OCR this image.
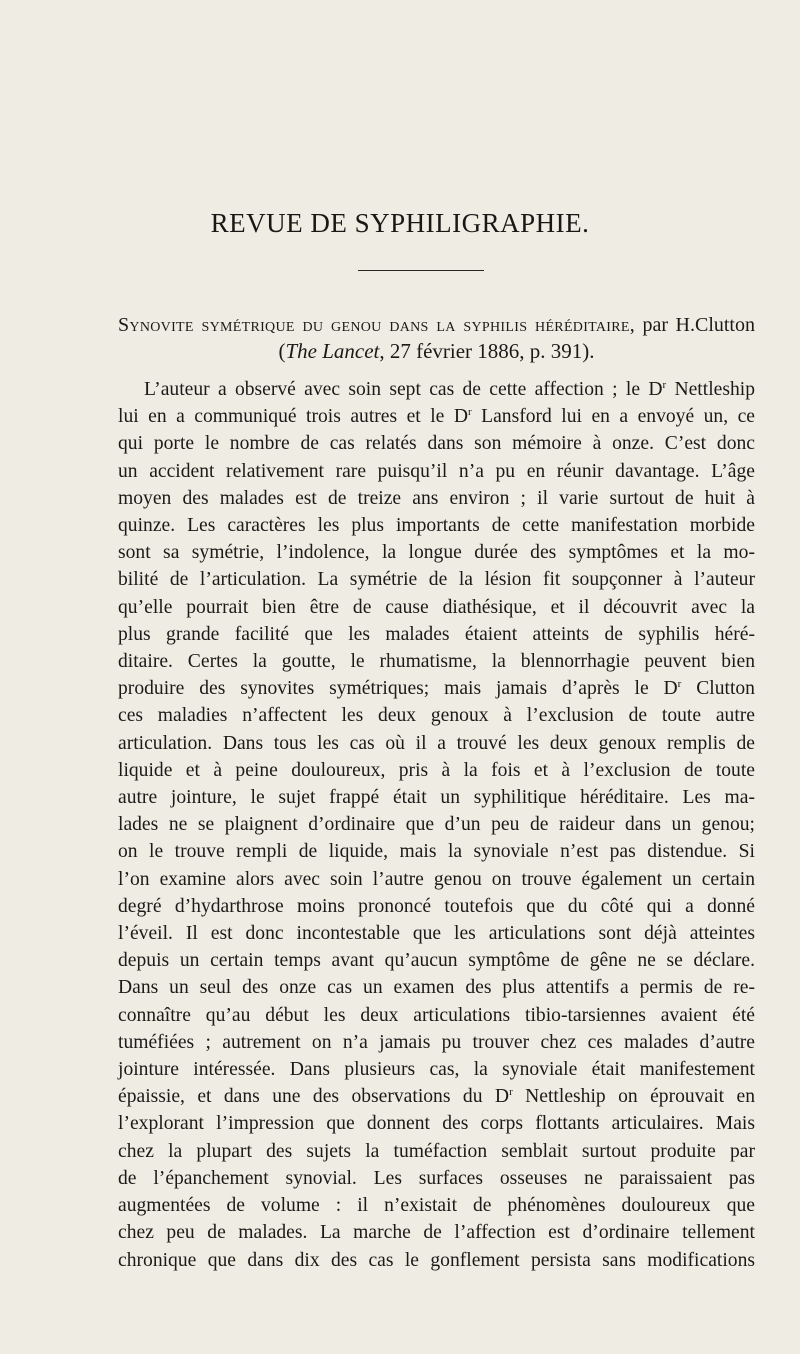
REVUE DE SYPHILIGRAPHIE.
Synovite symétrique du genou dans la syphilis héréditaire, par H.Clutton
(The Lancet, 27 février 1886, p. 391).

L’auteur a observé avec soin sept cas de cette affection ; le $D^r$ Nettleship
lui en a communiqué trois autres et le $D^r$ Lansford lui en a envoyé un, ce
qui porte le nombre de cas relatés dans son mémoire à onze. C’est donc
un accident relativement rare puisqu’il n’a pu en réunir davantage. L’âge
moyen des malades est de treize ans environ ; il varie surtout de huit à
quinze. Les caractères les plus importants de cette manifestation morbide
sont sa symétrie, l’indolence, la longue durée des symptômes et la mo-
bilité de l’articulation. La symétrie de la lésion fit soupçonner à l’auteur
qu’elle pourrait bien être de cause diathésique, et il découvrit avec la
plus grande facilité que les malades étaient atteints de syphilis héré-
ditaire. Certes la goutte, le rhumatisme, la blennorrhagie peuvent bien
produire des synovites symétriques; mais jamais d’après le $D^r$ Clutton
ces maladies n’affectent les deux genoux à l’exclusion de toute autre
articulation. Dans tous les cas où il a trouvé les deux genoux remplis de
liquide et à peine douloureux, pris à la fois et à l’exclusion de toute
autre jointure, le sujet frappé était un syphilitique héréditaire. Les ma-
lades ne se plaignent d’ordinaire que d’un peu de raideur dans un genou;
on le trouve rempli de liquide, mais la synoviale n’est pas distendue. Si
l’on examine alors avec soin l’autre genou on trouve également un certain
degré d’hydarthrose moins prononcé toutefois que du côté qui a donné
l’éveil. Il est donc incontestable que les articulations sont déjà atteintes
depuis un certain temps avant qu’aucun symptôme de gêne ne se déclare.
Dans un seul des onze cas un examen des plus attentifs a permis de re-
connaître qu’au début les deux articulations tibio-tarsiennes avaient été
tuméfiées ; autrement on n’a jamais pu trouver chez ces malades d’autre
jointure intéressée. Dans plusieurs cas, la synoviale était manifestement
épaissie, et dans une des observations du $D^r$ Nettleship on éprouvait en
l’explorant l’impression que donnent des corps flottants articulaires. Mais
chez la plupart des sujets la tuméfaction semblait surtout produite par
de l’épanchement synovial. Les surfaces osseuses ne paraissaient pas
augmentées de volume : il n’existait de phénomènes douloureux que
chez peu de malades. La marche de l’affection est d’ordinaire tellement
chronique que dans dix des cas le gonflement persista sans modifications
